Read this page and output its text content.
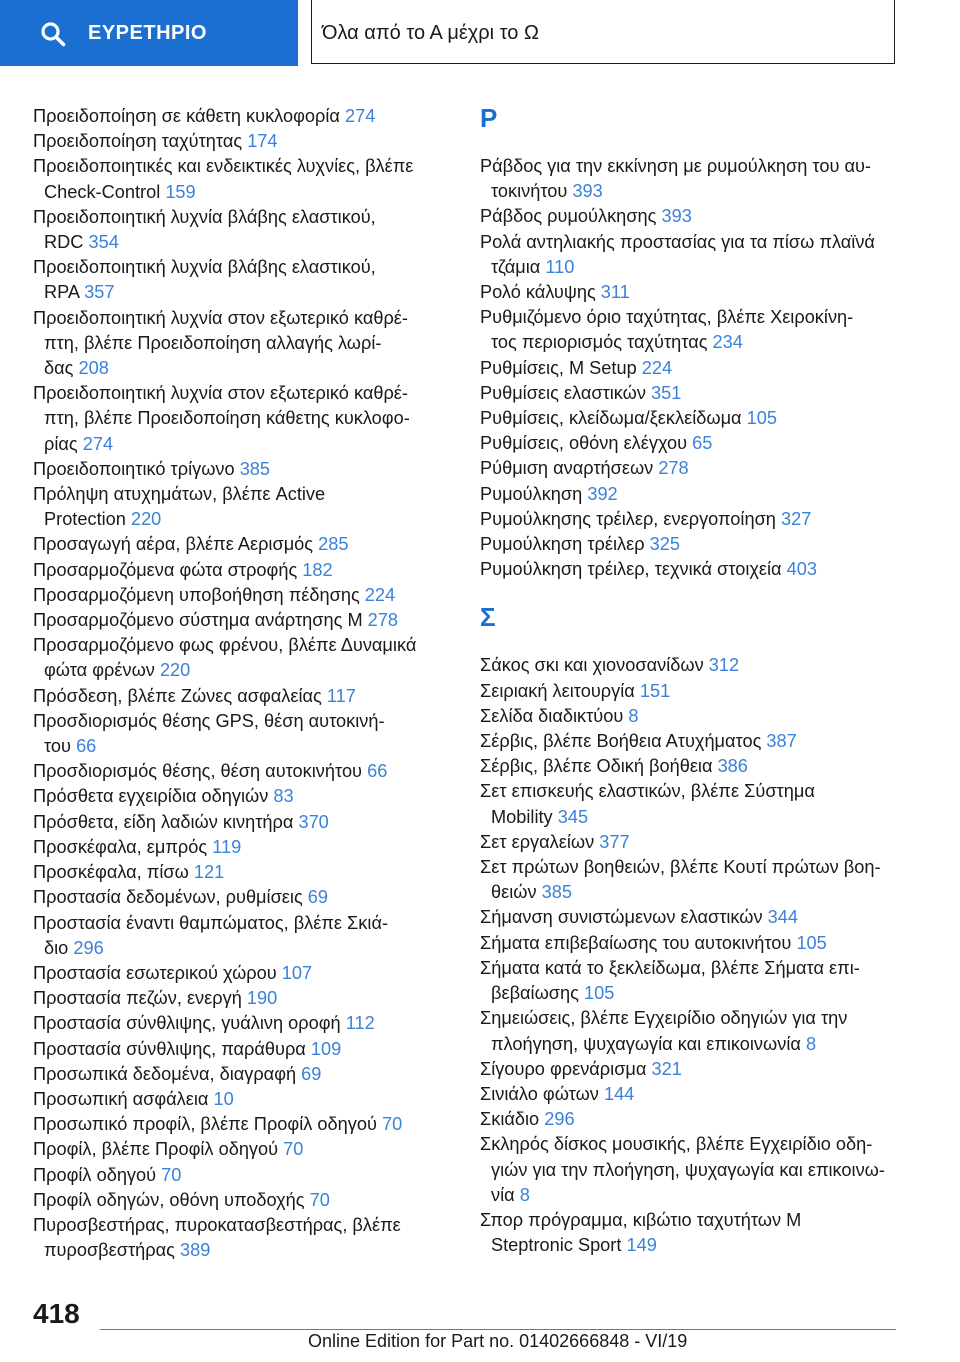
ΕΥΡΕΤΗΡΙΟ	Όλα από το Α μέχρι το Ω

Προειδοποίηση σε κάθετη κυκλοφορία 274

Προειδοποίηση ταχύτητας 174

Προειδοποιητικές και ενδεικτικές λυχνίες, βλέπε
Check-Control 159

Προειδοποιητική λυχνία βλάβης ελαστικού,
RDC 354

Προειδοποιητική λυχνία βλάβης ελαστικού,
RPA 357

Προειδοποιητική λυχνία στον εξωτερικό καθρέ-
πτη, βλέπε Προειδοποίηση αλλαγής λωρί-
δας 208

Προειδοποιητική λυχνία στον εξωτερικό καθρέ-
πτη, βλέπε Προειδοποίηση κάθετης κυκλοφο-
ρίας 274

Προειδοποιητικό τρίγωνο 385

Πρόληψη ατυχημάτων, βλέπε Active
Protection 220

Προσαγωγή αέρα, βλέπε Αερισμός 285

Προσαρμοζόμενα φώτα στροφής 182

Προσαρμοζόμενη υποβοήθηση πέδησης 224

Προσαρμοζόμενο σύστημα ανάρτησης M 278

Προσαρμοζόμενο φως φρένου, βλέπε Δυναμικά
φώτα φρένων 220

Πρόσδεση, βλέπε Ζώνες ασφαλείας 117

Προσδιορισμός θέσης GPS, θέση αυτοκινή-
του 66

Προσδιορισμός θέσης, θέση αυτοκινήτου 66

Πρόσθετα εγχειρίδια οδηγιών 83

Πρόσθετα, είδη λαδιών κινητήρα 370

Προσκέφαλα, εμπρός 119

Προσκέφαλα, πίσω 121

Προστασία δεδομένων, ρυθμίσεις 69

Προστασία έναντι θαμπώματος, βλέπε Σκιά-
διο 296

Προστασία εσωτερικού χώρου 107

Προστασία πεζών, ενεργή 190

Προστασία σύνθλιψης, γυάλινη οροφή 112

Προστασία σύνθλιψης, παράθυρα 109

Προσωπικά δεδομένα, διαγραφή 69

Προσωπική ασφάλεια 10

Προσωπικό προφίλ, βλέπε Προφίλ οδηγού 70

Προφίλ, βλέπε Προφίλ οδηγού 70

Προφίλ οδηγού 70

Προφίλ οδηγών, οθόνη υποδοχής 70

Πυροσβεστήρας, πυροκατασβεστήρας, βλέπε
πυροσβεστήρας 389

Ρ

Ράβδος για την εκκίνηση με ρυμούλκηση του αυ-
τοκινήτου 393

Ράβδος ρυμούλκησης 393

Ρολά αντηλιακής προστασίας για τα πίσω πλαϊνά
τζάμια 110

Ρολό κάλυψης 311

Ρυθμιζόμενο όριο ταχύτητας, βλέπε Χειροκίνη-
τος περιορισμός ταχύτητας 234

Ρυθμίσεις, M Setup 224

Ρυθμίσεις ελαστικών 351

Ρυθμίσεις, κλείδωμα/ξεκλείδωμα 105

Ρυθμίσεις, οθόνη ελέγχου 65

Ρύθμιση αναρτήσεων 278

Ρυμούλκηση 392

Ρυμούλκησης τρέιλερ, ενεργοποίηση 327

Ρυμούλκηση τρέιλερ 325

Ρυμούλκηση τρέιλερ, τεχνικά στοιχεία 403

Σ

Σάκος σκι και χιονοσανίδων 312

Σειριακή λειτουργία 151

Σελίδα διαδικτύου 8

Σέρβις, βλέπε Βοήθεια Ατυχήματος 387

Σέρβις, βλέπε Οδική βοήθεια 386

Σετ επισκευής ελαστικών, βλέπε Σύστημα
Mobility 345

Σετ εργαλείων 377

Σετ πρώτων βοηθειών, βλέπε Κουτί πρώτων βοη-
θειών 385

Σήμανση συνιστώμενων ελαστικών 344

Σήματα επιβεβαίωσης του αυτοκινήτου 105

Σήματα κατά το ξεκλείδωμα, βλέπε Σήματα επι-
βεβαίωσης 105

Σημειώσεις, βλέπε Εγχειρίδιο οδηγιών για την
πλοήγηση, ψυχαγωγία και επικοινωνία 8

Σίγουρο φρενάρισμα 321

Σινιάλο φώτων 144

Σκιάδιο 296

Σκληρός δίσκος μουσικής, βλέπε Εγχειρίδιο οδη-
γιών για την πλοήγηση, ψυχαγωγία και επικοινω-
νία 8

Σπορ πρόγραμμα, κιβώτιο ταχυτήτων M
Steptronic Sport 149

418
Online Edition for Part no. 01402666848 - VI/19
